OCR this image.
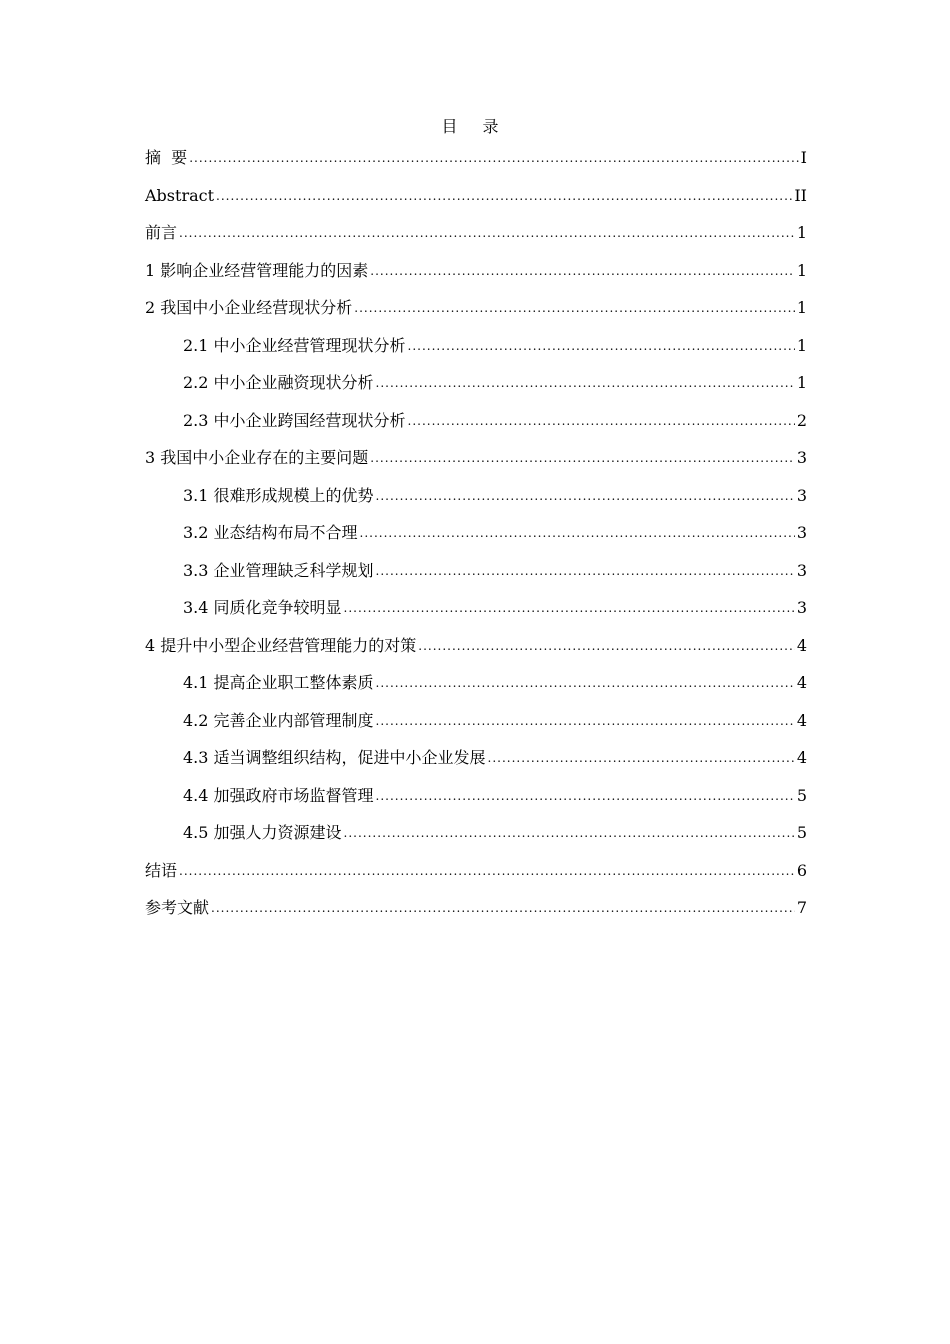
目 录
摘  要 .....	I
Abstract .....	II
前言 .....	1
1 影响企业经营管理能力的因素 .....	1
2 我国中小企业经营现状分析 .....	1
2.1 中小企业经营管理现状分析 .....	1
2.2 中小企业融资现状分析 .....	1
2.3 中小企业跨国经营现状分析 .....	2
3 我国中小企业存在的主要问题 .....	3
3.1 很难形成规模上的优势 .....	3
3.2 业态结构布局不合理 .....	3
3.3 企业管理缺乏科学规划 .....	3
3.4 同质化竞争较明显 .....	3
4 提升中小型企业经营管理能力的对策 .....	4
4.1 提高企业职工整体素质 .....	4
4.2 完善企业内部管理制度 .....	4
4.3 适当调整组织结构，促进中小企业发展 .....	4
4.4 加强政府市场监督管理 .....	5
4.5 加强人力资源建设 .....	5
结语 .....	6
参考文献 .....	7
